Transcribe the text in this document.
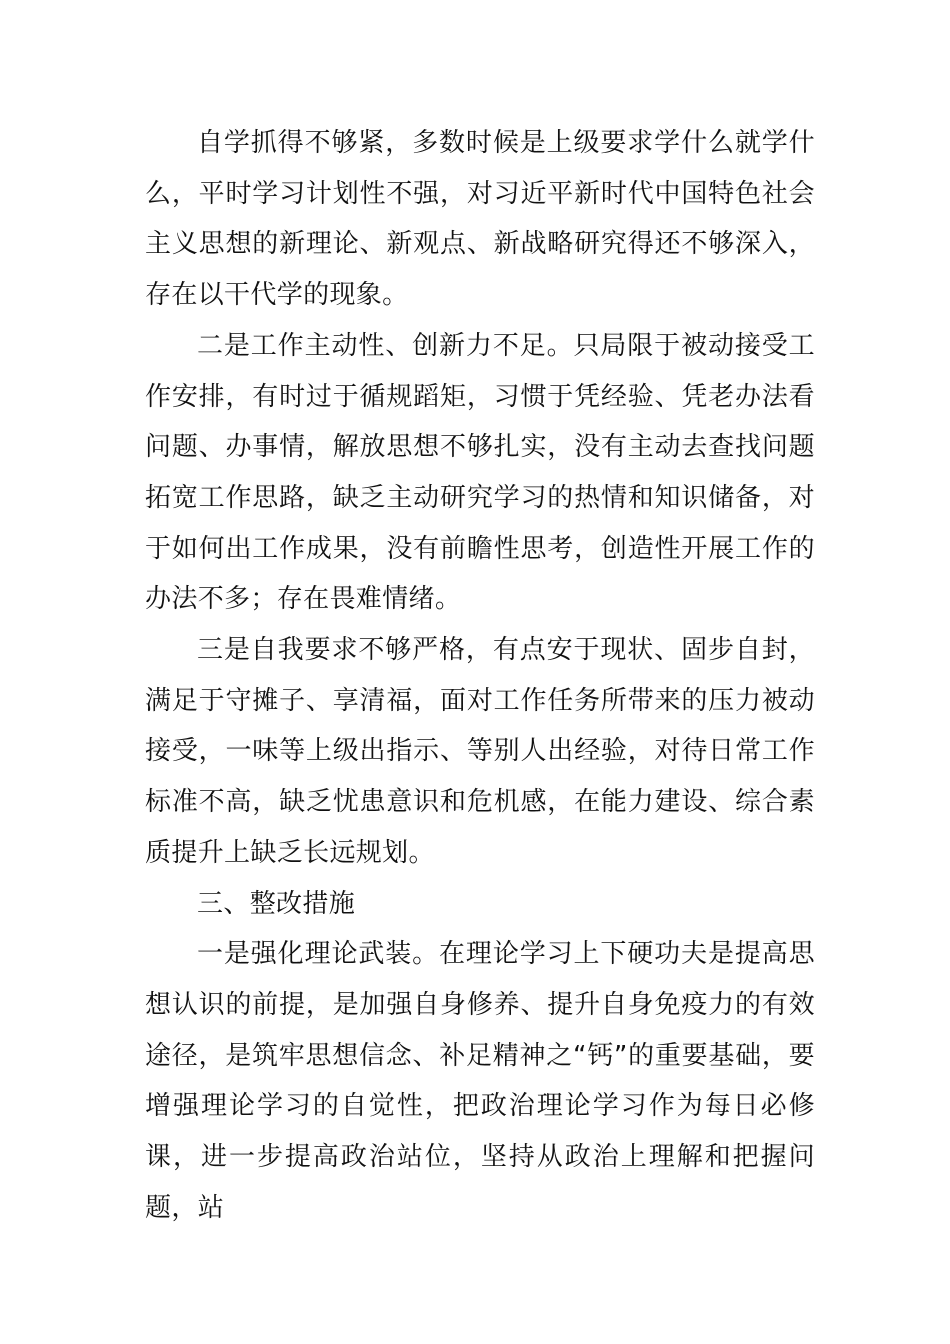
自学抓得不够紧，多数时候是上级要求学什么就学什么，平时学习计划性不强，对习近平新时代中国特色社会主义思想的新理论、新观点、新战略研究得还不够深入，存在以干代学的现象。

二是工作主动性、创新力不足。只局限于被动接受工作安排，有时过于循规蹈矩，习惯于凭经验、凭老办法看问题、办事情，解放思想不够扎实，没有主动去查找问题拓宽工作思路，缺乏主动研究学习的热情和知识储备，对于如何出工作成果，没有前瞻性思考，创造性开展工作的办法不多；存在畏难情绪。

三是自我要求不够严格，有点安于现状、固步自封，满足于守摊子、享清福，面对工作任务所带来的压力被动接受，一味等上级出指示、等别人出经验，对待日常工作标准不高，缺乏忧患意识和危机感，在能力建设、综合素质提升上缺乏长远规划。

三、整改措施

一是强化理论武装。在理论学习上下硬功夫是提高思想认识的前提，是加强自身修养、提升自身免疫力的有效途径，是筑牢思想信念、补足精神之“钙”的重要基础，要增强理论学习的自觉性，把政治理论学习作为每日必修课，进一步提高政治站位，坚持从政治上理解和把握问题，站
